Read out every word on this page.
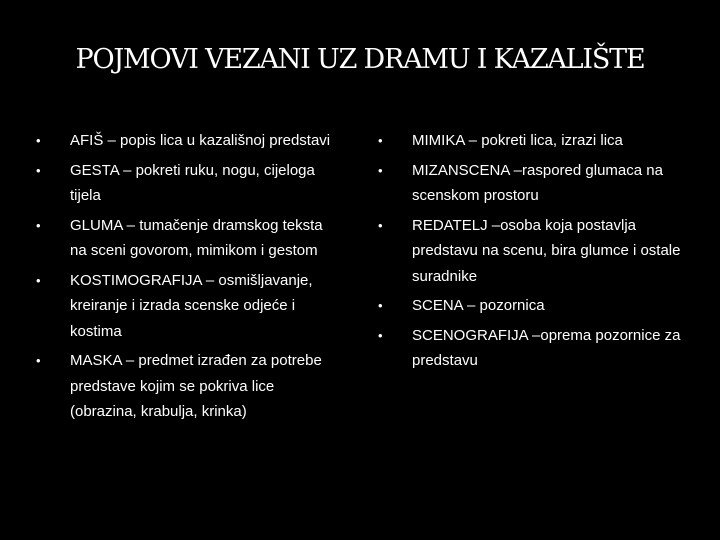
POJMOVI VEZANI UZ DRAMU I KAZALIŠTE
•	AFIŠ – popis lica u kazališnoj predstavi
•	GESTA – pokreti ruku, nogu, cijeloga tijela
•	GLUMA – tumačenje dramskog teksta na sceni govorom, mimikom i gestom
•	KOSTIMOGRAFIJA – osmišljavanje, kreiranje i izrada scenske odjeće i kostima
•	MASKA – predmet izrađen za potrebe predstave kojim se pokriva lice (obrazina, krabulja, krinka)
•	MIMIKA – pokreti lica, izrazi lica
•	MIZANSCENA –raspored glumaca na scenskom prostoru
•	REDATELJ –osoba koja postavlja predstavu na scenu, bira glumce i ostale suradnike
•	SCENA – pozornica
•	SCENOGRAFIJA –oprema pozornice za predstavu
